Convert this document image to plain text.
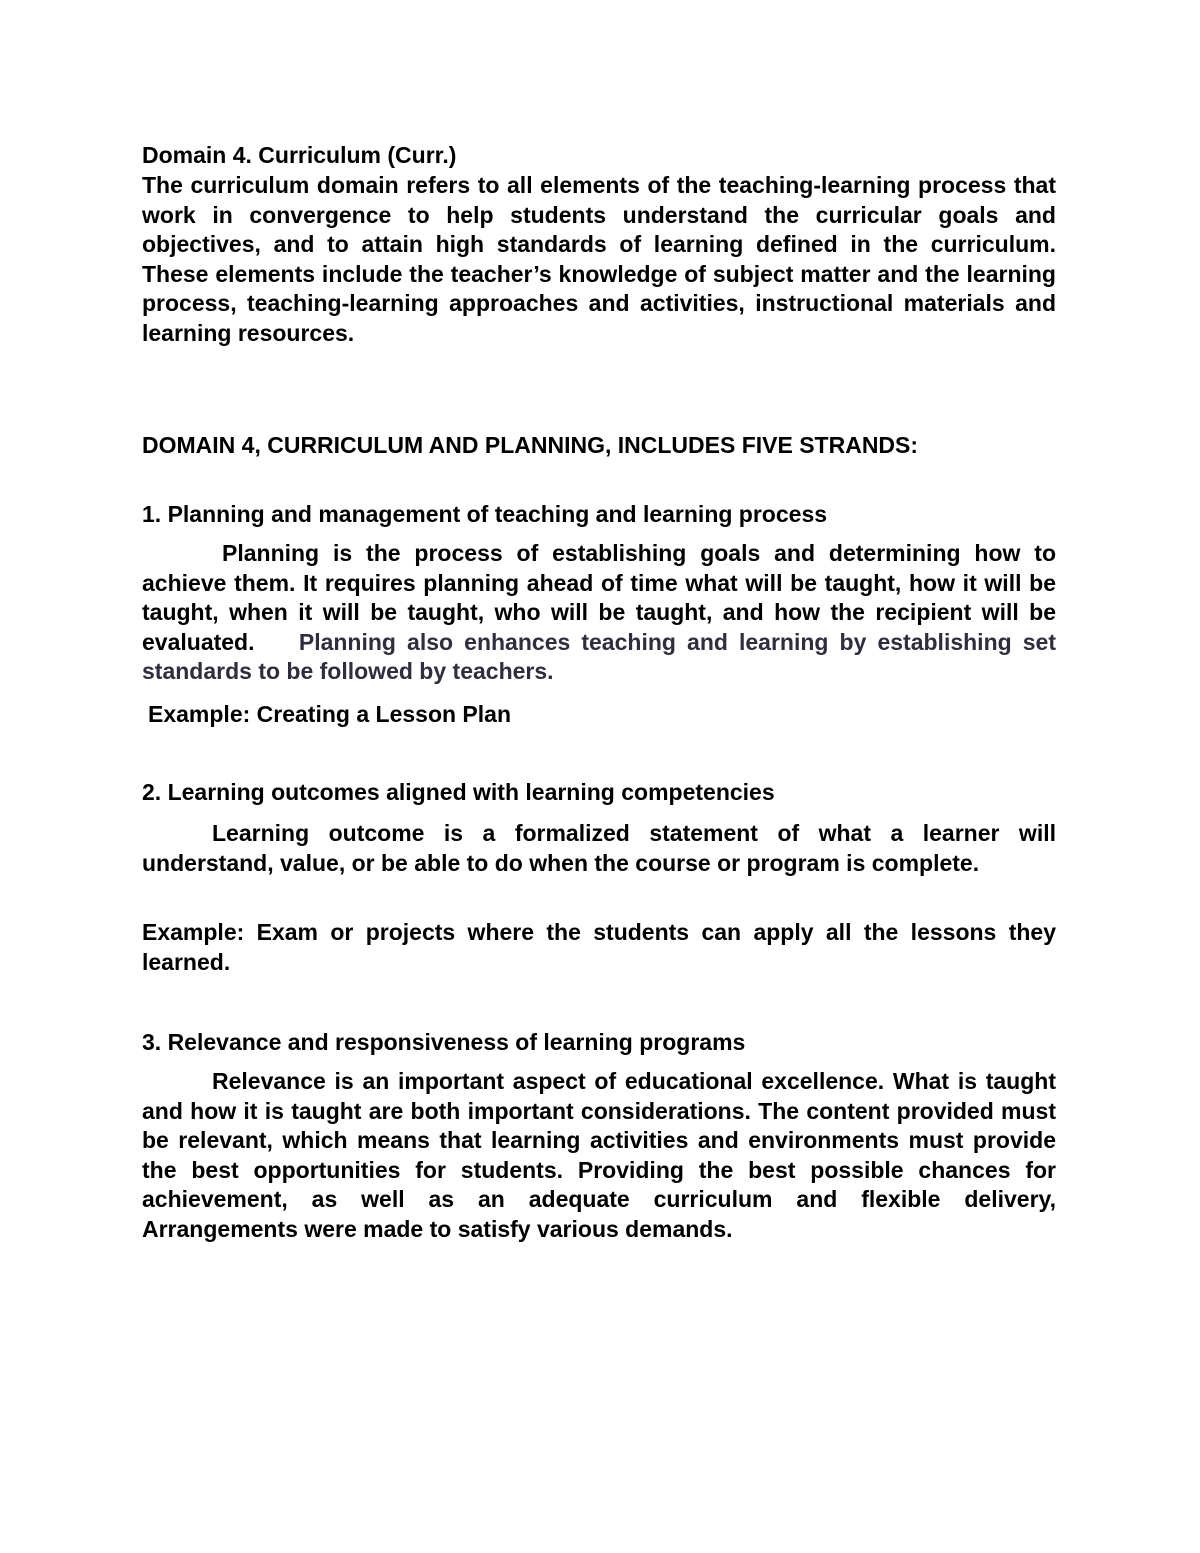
Domain 4. Curriculum (Curr.)

The curriculum domain refers to all elements of the teaching-learning process that work in convergence to help students understand the curricular goals and objectives, and to attain high standards of learning defined in the curriculum. These elements include the teacher’s knowledge of subject matter and the learning process, teaching-learning approaches and activities, instructional materials and learning resources.

DOMAIN 4, CURRICULUM AND PLANNING, INCLUDES FIVE STRANDS:

1. Planning and management of teaching and learning process

Planning is the process of establishing goals and determining how to achieve them. It requires planning ahead of time what will be taught, how it will be taught, when it will be taught, who will be taught, and how the recipient will be evaluated. Planning also enhances teaching and learning by establishing set standards to be followed by teachers.

Example: Creating a Lesson Plan

2. Learning outcomes aligned with learning competencies

Learning outcome is a formalized statement of what a learner will understand, value, or be able to do when the course or program is complete.

Example: Exam or projects where the students can apply all the lessons they learned.

3. Relevance and responsiveness of learning programs

Relevance is an important aspect of educational excellence. What is taught and how it is taught are both important considerations. The content provided must be relevant, which means that learning activities and environments must provide the best opportunities for students. Providing the best possible chances for achievement, as well as an adequate curriculum and flexible delivery, Arrangements were made to satisfy various demands.
